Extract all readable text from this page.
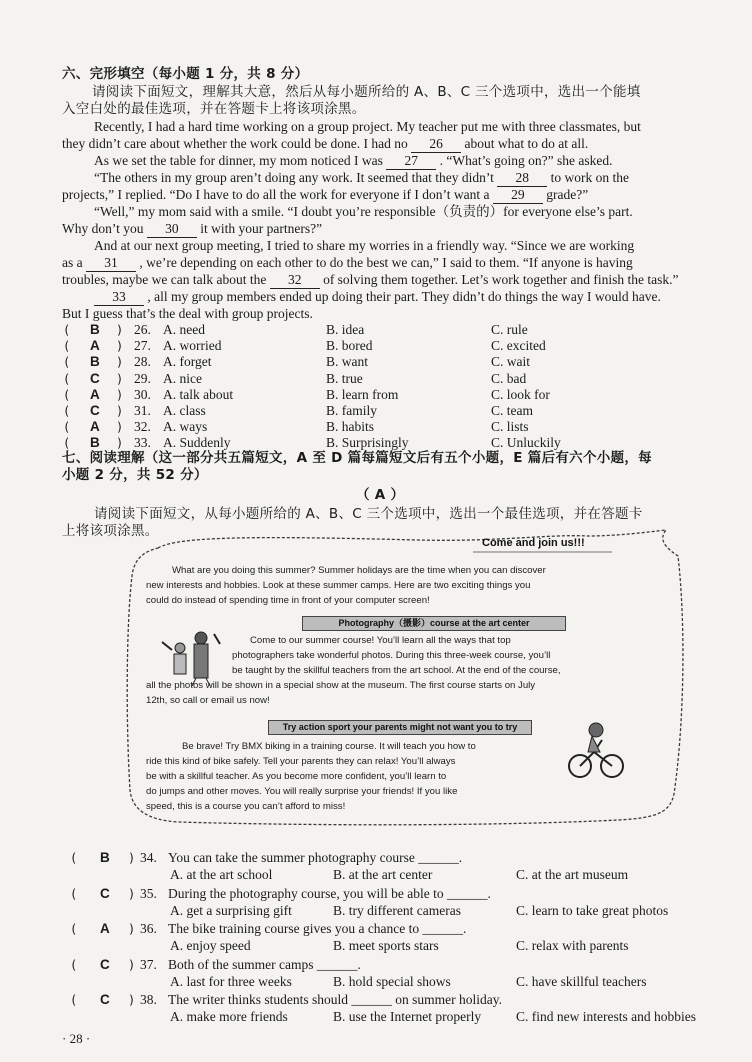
六、完形填空（每小题 1 分，共 8 分）
请阅读下面短文，理解其大意，然后从每小题所给的 A、B、C 三个选项中，选出一个能填
入空白处的最佳选项，并在答题卡上将该项涂黑。
Recently, I had a hard time working on a group project. My teacher put me with three classmates, but
they didn’t care about whether the work could be done. I had no 26 about what to do at all.
As we set the table for dinner, my mom noticed I was 27 . “What’s going on?” she asked.
“The others in my group aren’t doing any work. It seemed that they didn’t 28 to work on the
projects,” I replied. “Do I have to do all the work for everyone if I don’t want a 29 grade?”
“Well,” my mom said with a smile. “I doubt you’re responsible（负责的）for everyone else’s part.
Why don’t you 30 it with your partners?”
And at our next group meeting, I tried to share my worries in a friendly way. “Since we are working
as a 31 , we’re depending on each other to do the best we can,” I said to them. “If anyone is having
troubles, maybe we can talk about the 32 of solving them together. Let’s work together and finish the task.”
33 , all my group members ended up doing their part. They didn’t do things the way I would have.
But I guess that’s the deal with group projects.
( B ) 26. A. need	B. idea	C. rule
( A ) 27. A. worried	B. bored	C. excited
( B ) 28. A. forget	B. want	C. wait
( C ) 29. A. nice	B. true	C. bad
( A ) 30. A. talk about	B. learn from	C. look for
( C ) 31. A. class	B. family	C. team
( A ) 32. A. ways	B. habits	C. lists
( B ) 33. A. Suddenly	B. Surprisingly	C. Unluckily
七、阅读理解（这一部分共五篇短文，A 至 D 篇每篇短文后有五个小题，E 篇后有六个小题，每
小题 2 分，共 52 分）
（ A ）
请阅读下面短文，从每小题所给的 A、B、C 三个选项中，选出一个最佳选项，并在答题卡
上将该项涂黑。
Come and join us!!!
What are you doing this summer? Summer holidays are the time when you can discover
new interests and hobbies. Look at these summer camps. Here are two exciting things you
could do instead of spending time in front of your computer screen!
Photography（摄影）course at the art center
Come to our summer course! You’ll learn all the ways that top
photographers take wonderful photos. During this three-week course, you’ll
be taught by the skillful teachers from the art school. At the end of the course,
all the photos will be shown in a special show at the museum. The first course starts on July
12th, so call or email us now!
Try action sport your parents might not want you to try
Be brave! Try BMX biking in a training course. It will teach you how to
ride this kind of bike safely. Tell your parents they can relax! You’ll always
be with a skillful teacher. As you become more confident, you’ll learn to
do jumps and other moves. You will really surprise your friends! If you like
speed, this is a course you can’t afford to miss!
( B ) 34. You can take the summer photography course ______.
A. at the art school	B. at the art center	C. at the art museum
( C ) 35. During the photography course, you will be able to ______.
A. get a surprising gift	B. try different cameras	C. learn to take great photos
( A ) 36. The bike training course gives you a chance to ______.
A. enjoy speed	B. meet sports stars	C. relax with parents
( C ) 37. Both of the summer camps ______.
A. last for three weeks	B. hold special shows	C. have skillful teachers
( C ) 38. The writer thinks students should ______ on summer holiday.
A. make more friends	B. use the Internet properly	C. find new interests and hobbies
· 28 ·
